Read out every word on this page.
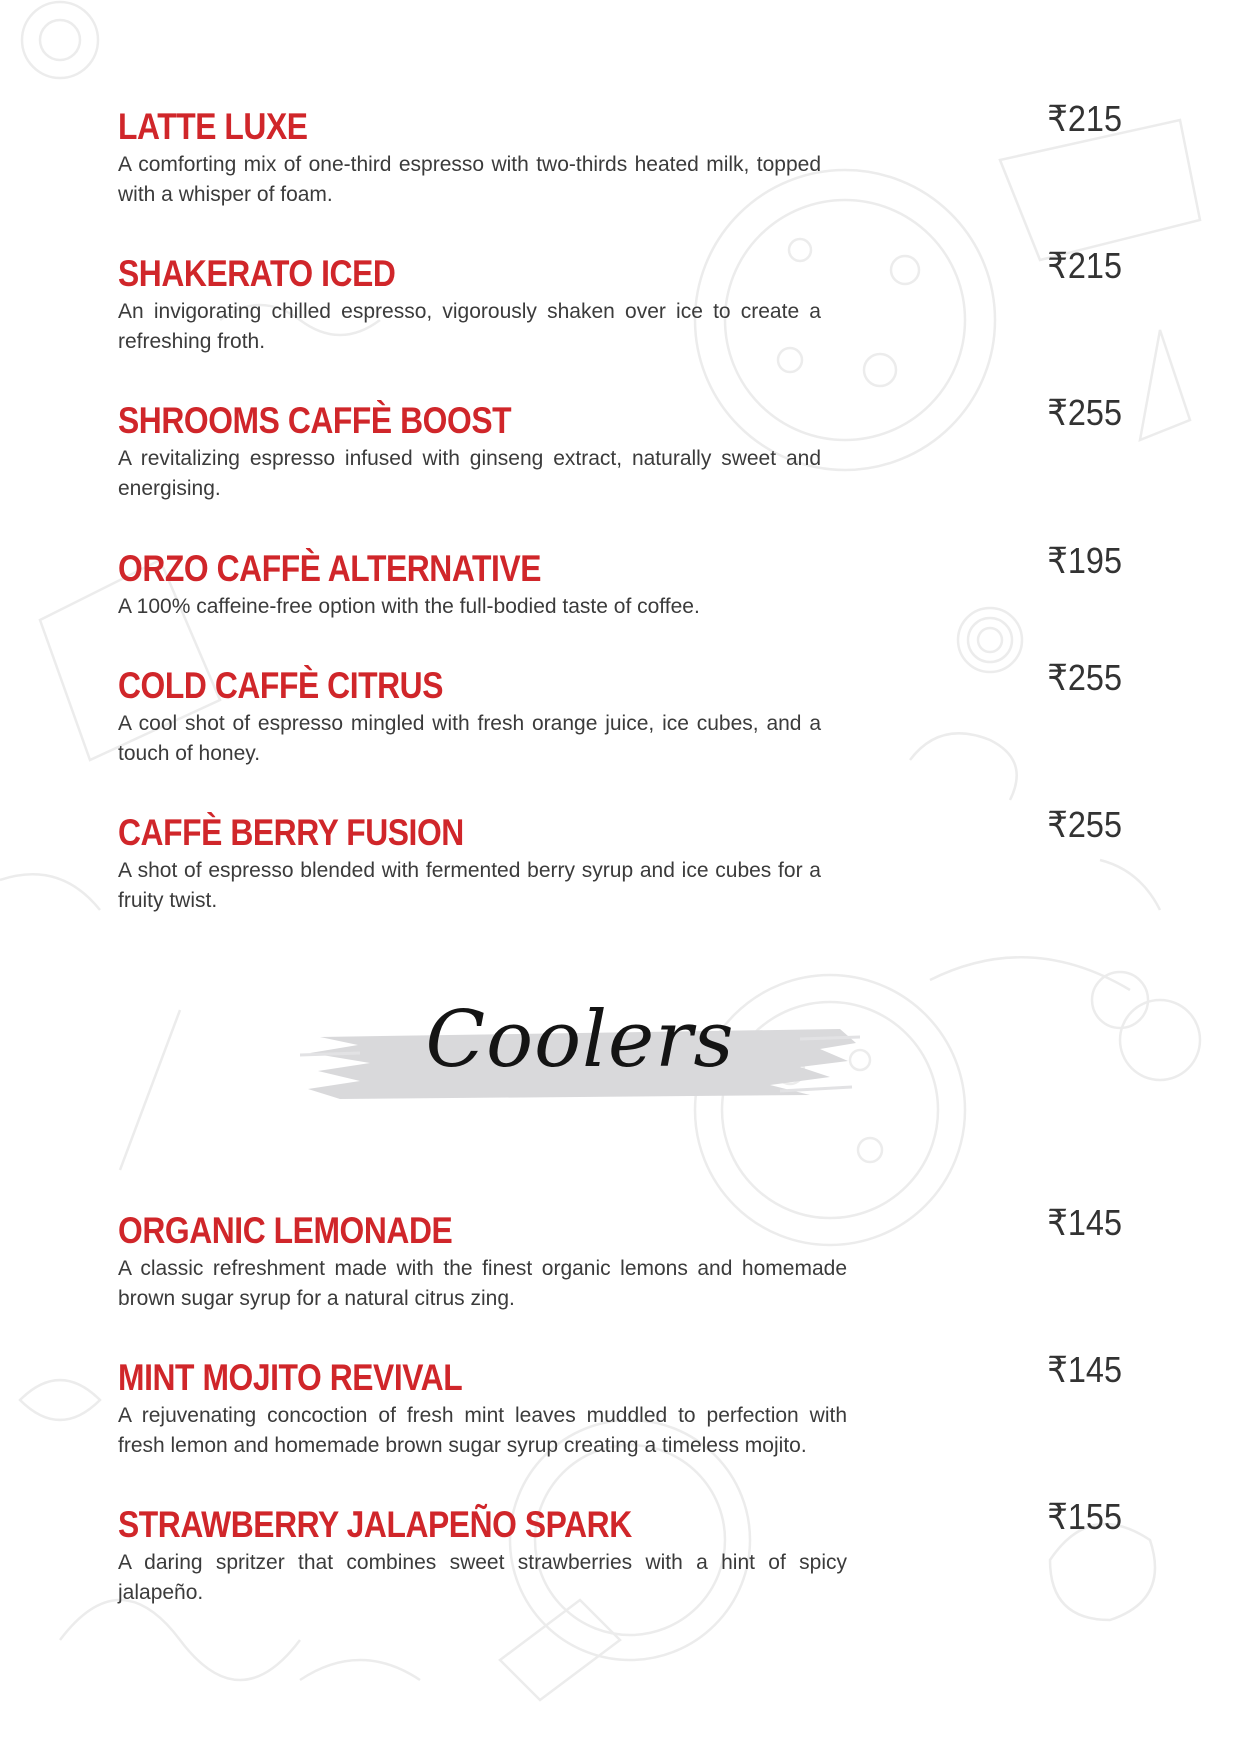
LATTE LUXE

A comforting mix of one-third espresso with two-thirds heated milk, topped with a whisper of foam.

₹215
SHAKERATO ICED

An invigorating chilled espresso, vigorously shaken over ice to create a refreshing froth.

₹215
SHROOMS CAFFÈ BOOST

A revitalizing espresso infused with ginseng extract, naturally sweet and energising.

₹255
ORZO CAFFÈ ALTERNATIVE

A 100% caffeine-free option with the full-bodied taste of coffee.

₹195
COLD CAFFÈ CITRUS

A cool shot of espresso mingled with fresh orange juice, ice cubes, and a touch of honey.

₹255
CAFFÈ BERRY FUSION

A shot of espresso blended with fermented berry syrup and ice cubes for a fruity twist.

₹255
Coolers
ORGANIC LEMONADE

A classic refreshment made with the finest organic lemons and homemade brown sugar syrup for a natural citrus zing.

₹145
MINT MOJITO REVIVAL

A rejuvenating concoction of fresh mint leaves muddled to perfection with fresh lemon and homemade brown sugar syrup creating a timeless mojito.

₹145
STRAWBERRY JALAPEÑO SPARK

A daring spritzer that combines sweet strawberries with a hint of spicy jalapeño.

₹155
